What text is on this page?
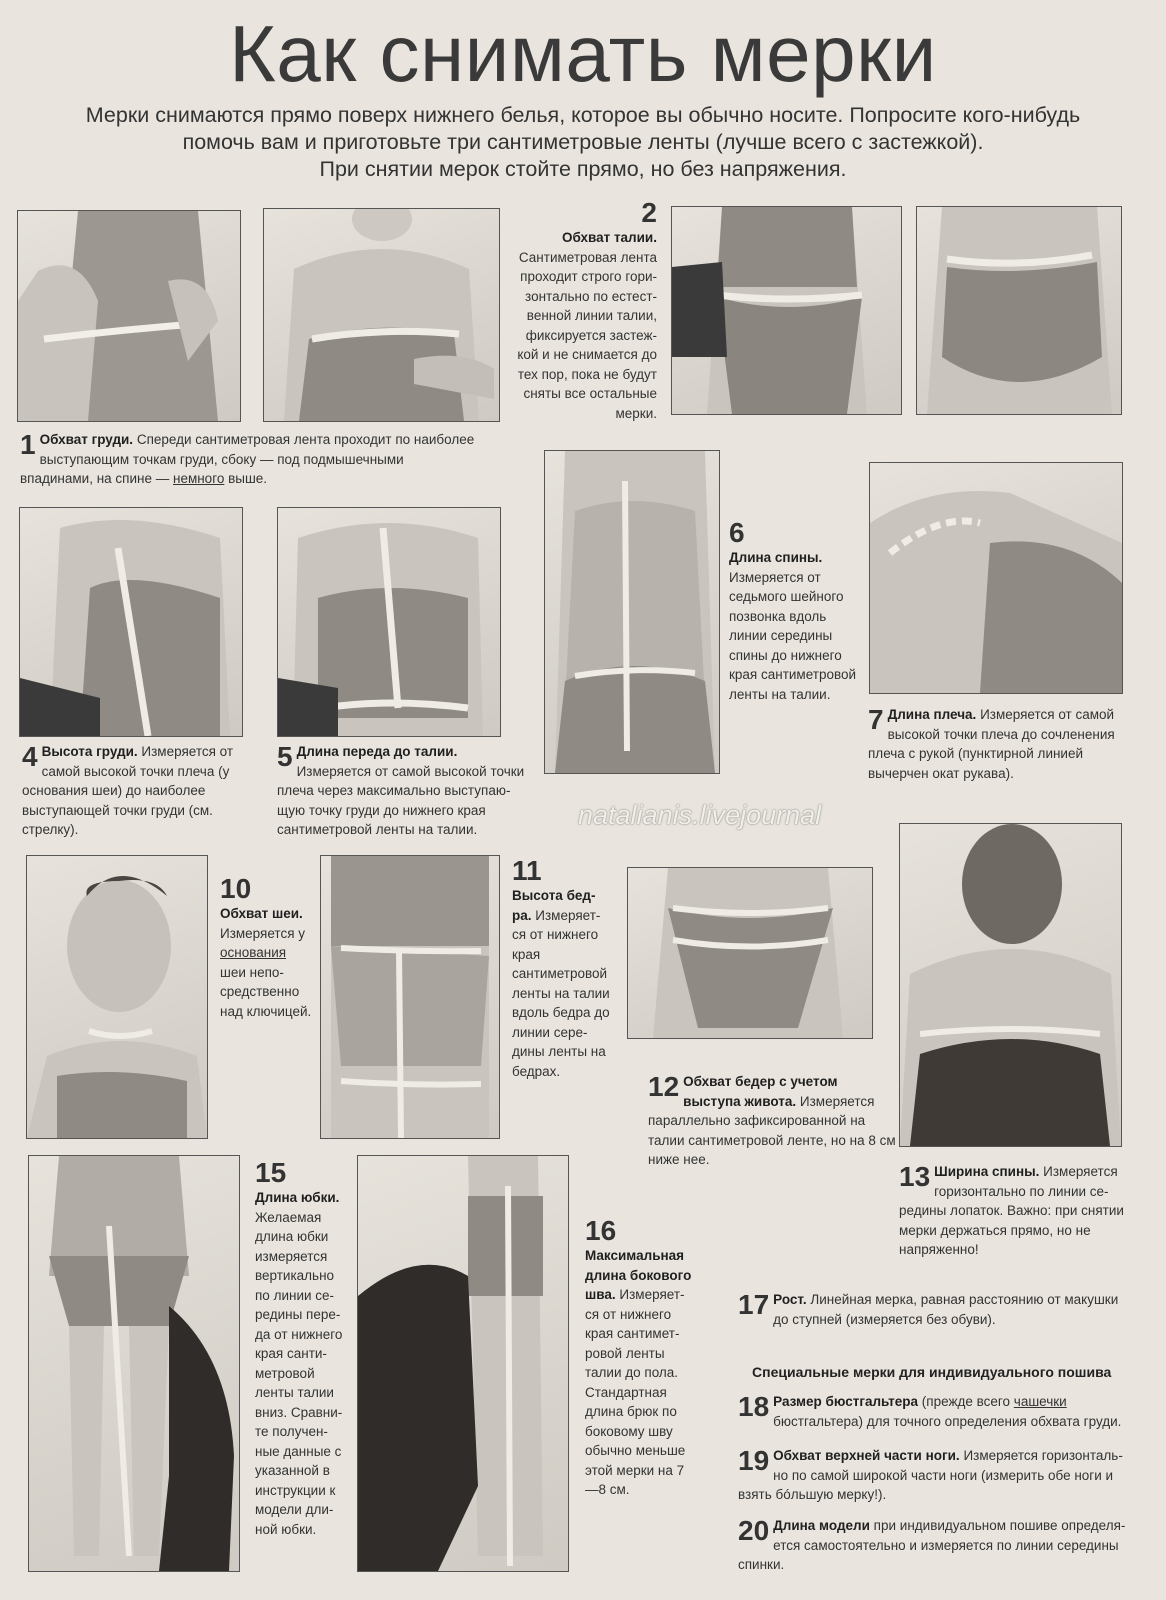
Как снимать мерки
Мерки снимаются прямо поверх нижнего белья, которое вы обычно носите. Попросите кого-нибудь
помочь вам и приготовьте три сантиметровые ленты (лучше всего с застежкой).
При снятии мерок стойте прямо, но без напряжения.
1 Обхват груди. Спереди сантиметровая лента проходит по наиболее выступающим точкам груди, сбоку — под подмышечными впадинами, на спине — немного выше.
2
Обхват талии.
Сантиметровая лента проходит строго гори-зонтально по естест-венной линии талии, фиксируется застеж-кой и не снимается до тех пор, пока не будут сняты все остальные мерки.
4 Высота груди. Измеряется от самой высокой точки плеча (у основания шеи) до наиболее выступающей точки груди (см. стрелку).
5 Длина переда до талии. Измеряется от самой высокой точки плеча через максимально выступаю-щую точку груди до нижнего края сантиметровой ленты на талии.
6
Длина спины.
Измеряется от седьмого шейного позвонка вдоль линии середины спины до нижнего края сантиметровой ленты на талии.
7 Длина плеча. Измеряется от самой высокой точки плеча до сочленения плеча с рукой (пунктирной линией вычерчен окат рукава).
10
Обхват шеи.
Измеряется у основания шеи непо-средственно над ключицей.
11
Высота бед-ра. Измеряет-ся от нижнего края сантиметровой ленты на талии вдоль бедра до линии сере-дины ленты на бедрах.
natalianis.livejournal
12 Обхват бедер с учетом выступа живота. Измеряется параллельно зафиксированной на талии сантиметровой ленте, но на 8 см ниже нее.
13 Ширина спины. Измеряется горизонтально по линии се-редины лопаток. Важно: при снятии мерки держаться прямо, но не напряженно!
15
Длина юбки.
Желаемая длина юбки измеряется вертикально по линии се-редины пере-да от нижнего края санти-метровой ленты талии вниз. Сравни-те получен-ные данные с указанной в инструкции к модели дли-ной юбки.
16
Максимальная длина бокового шва. Измеряет-ся от нижнего края сантимет-ровой ленты талии до пола. Стандартная длина брюк по боковому шву обычно меньше этой мерки на 7—8 см.
17 Рост. Линейная мерка, равная расстоянию от макушки до ступней (измеряется без обуви).
Специальные мерки для индивидуального пошива
18 Размер бюстгальтера (прежде всего чашечки бюстгальтера) для точного определения обхвата груди.
19 Обхват верхней части ноги. Измеряется горизонталь-но по самой широкой части ноги (измерить обе ноги и взять бóльшую мерку!).
20 Длина модели при индивидуальном пошиве определя-ется самостоятельно и измеряется по линии середины спинки.
